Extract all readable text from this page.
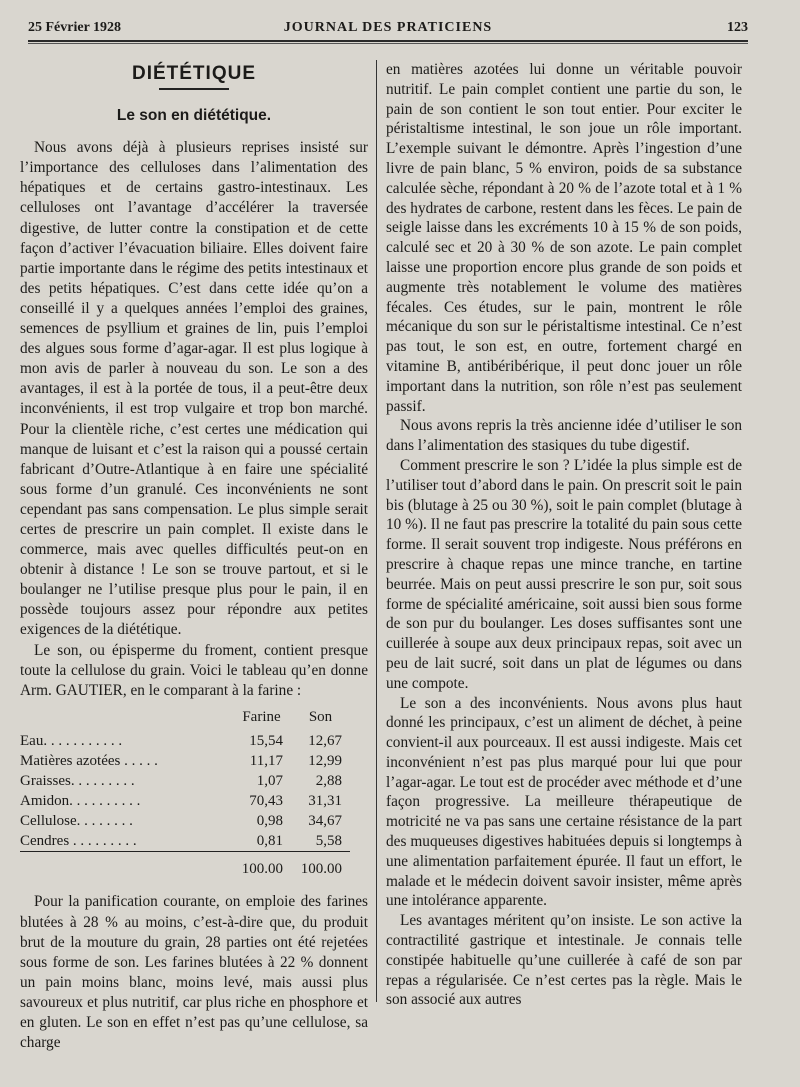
25 Février 1928	JOURNAL DES PRATICIENS	123
DIÉTÉTIQUE
Le son en diététique.

Nous avons déjà à plusieurs reprises insisté sur l’importance des celluloses dans l’alimentation des hépatiques et de certains gastro-intestinaux. Les celluloses ont l’avantage d’accélérer la traversée digestive, de lutter contre la constipation et de cette façon d’activer l’évacuation biliaire. Elles doivent faire partie importante dans le régime des petits intestinaux et des petits hépatiques. C’est dans cette idée qu’on a conseillé il y a quelques années l’emploi des graines, semences de psyllium et graines de lin, puis l’emploi des algues sous forme d’agar-agar. Il est plus logique à mon avis de parler à nouveau du son. Le son a des avantages, il est à la portée de tous, il a peut-être deux inconvénients, il est trop vulgaire et trop bon marché. Pour la clientèle riche, c’est certes une médication qui manque de luisant et c’est la raison qui a poussé certain fabricant d’Outre-Atlantique à en faire une spécialité sous forme d’un granulé. Ces inconvénients ne sont cependant pas sans compensation. Le plus simple serait certes de prescrire un pain complet. Il existe dans le commerce, mais avec quelles difficultés peut-on en obtenir à distance ! Le son se trouve partout, et si le boulanger ne l’utilise presque plus pour le pain, il en possède toujours assez pour répondre aux petites exigences de la diététique.

Le son, ou épisperme du froment, contient presque toute la cellulose du grain. Voici le tableau qu’en donne Arm. GAUTIER, en le comparant à la farine :

	Farine	Son
Eau. . . . . . . . . . .	15,54	12,67
Matières azotées . . . . .	11,17	12,99
Graisses. . . . . . . . .	1,07	2,88
Amidon. . . . . . . . . .	70,43	31,31
Cellulose. . . . . . . .	0,98	34,67
Cendres . . . . . . . . .	0,81	5,58
	100.00	100.00

Pour la panification courante, on emploie des farines blutées à 28 % au moins, c’est-à-dire que, du produit brut de la mouture du grain, 28 parties ont été rejetées sous forme de son. Les farines blutées à 22 % donnent un pain moins blanc, moins levé, mais aussi plus savoureux et plus nutritif, car plus riche en phosphore et en gluten. Le son en effet n’est pas qu’une cellulose, sa charge

en matières azotées lui donne un véritable pouvoir nutritif. Le pain complet contient une partie du son, le pain de son contient le son tout entier. Pour exciter le péristaltisme intestinal, le son joue un rôle important. L’exemple suivant le démontre. Après l’ingestion d’une livre de pain blanc, 5 % environ, poids de sa substance calculée sèche, répondant à 20 % de l’azote total et à 1 % des hydrates de carbone, restent dans les fèces. Le pain de seigle laisse dans les excréments 10 à 15 % de son poids, calculé sec et 20 à 30 % de son azote. Le pain complet laisse une proportion encore plus grande de son poids et augmente très notablement le volume des matières fécales. Ces études, sur le pain, montrent le rôle mécanique du son sur le péristaltisme intestinal. Ce n’est pas tout, le son est, en outre, fortement chargé en vitamine B, antibéribérique, il peut donc jouer un rôle important dans la nutrition, son rôle n’est pas seulement passif.

Nous avons repris la très ancienne idée d’utiliser le son dans l’alimentation des stasiques du tube digestif.

Comment prescrire le son ? L’idée la plus simple est de l’utiliser tout d’abord dans le pain. On prescrit soit le pain bis (blutage à 25 ou 30 %), soit le pain complet (blutage à 10 %). Il ne faut pas prescrire la totalité du pain sous cette forme. Il serait souvent trop indigeste. Nous préférons en prescrire à chaque repas une mince tranche, en tartine beurrée. Mais on peut aussi prescrire le son pur, soit sous forme de spécialité américaine, soit aussi bien sous forme de son pur du boulanger. Les doses suffisantes sont une cuillerée à soupe aux deux principaux repas, soit avec un peu de lait sucré, soit dans un plat de légumes ou dans une compote.

Le son a des inconvénients. Nous avons plus haut donné les principaux, c’est un aliment de déchet, à peine convient-il aux pourceaux. Il est aussi indigeste. Mais cet inconvénient n’est pas plus marqué pour lui que pour l’agar-agar. Le tout est de procéder avec méthode et d’une façon progressive. La meilleure thérapeutique de motricité ne va pas sans une certaine résistance de la part des muqueuses digestives habituées depuis si longtemps à une alimentation parfaitement épurée. Il faut un effort, le malade et le médecin doivent savoir insister, même après une intolérance apparente.

Les avantages méritent qu’on insiste. Le son active la contractilité gastrique et intestinale. Je connais telle constipée habituelle qu’une cuillerée à café de son par repas a régularisée. Ce n’est certes pas la règle. Mais le son associé aux autres
